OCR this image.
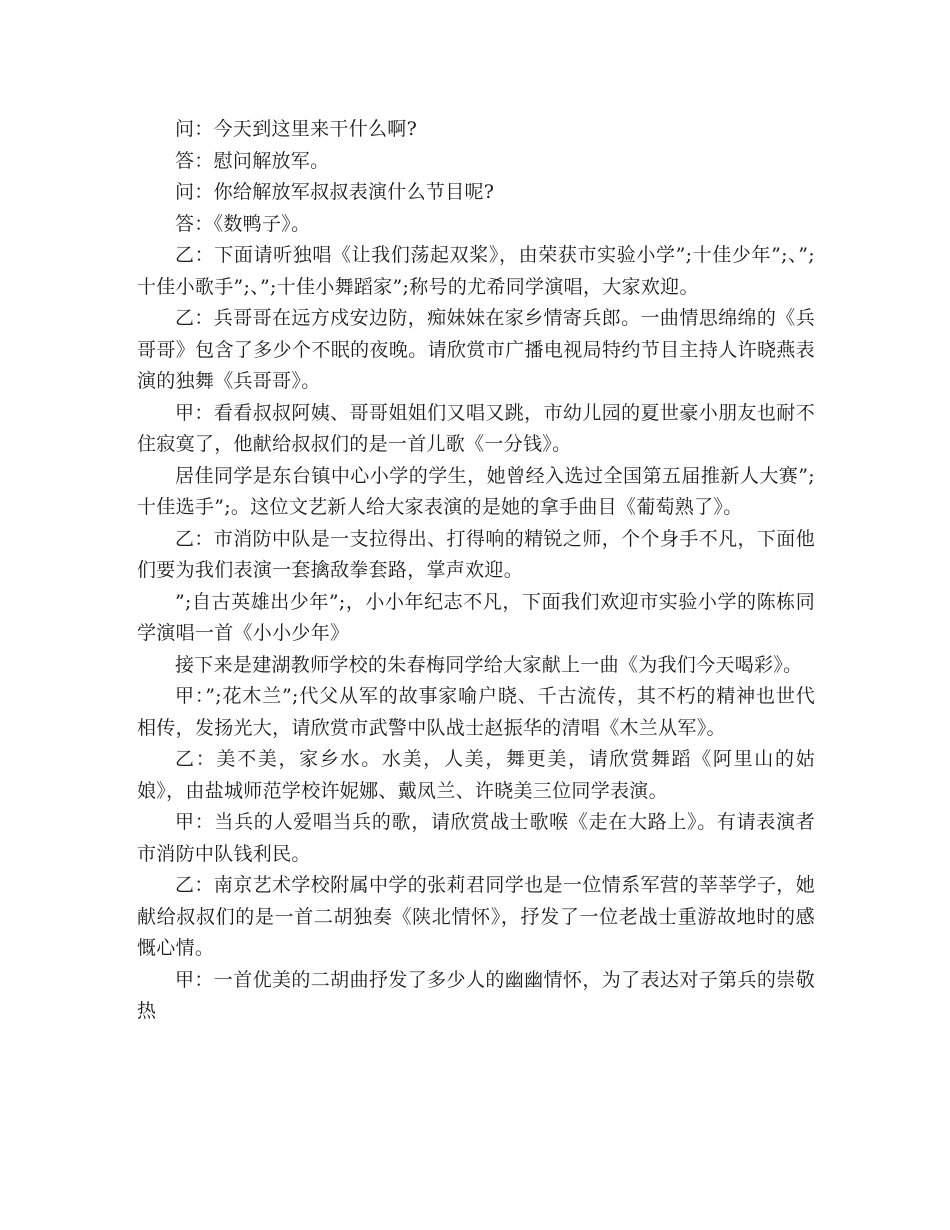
问：今天到这里来干什么啊?

答：慰问解放军。

问：你给解放军叔叔表演什么节目呢?

答：《数鸭子》。

乙：下面请听独唱《让我们荡起双桨》，由荣获市实验小学”;十佳少年”;、”;十佳小歌手”;、”;十佳小舞蹈家”;称号的尤希同学演唱，大家欢迎。

乙：兵哥哥在远方戍安边防，痴妹妹在家乡情寄兵郎。一曲情思绵绵的《兵哥哥》包含了多少个不眠的夜晚。请欣赏市广播电视局特约节目主持人许晓燕表演的独舞《兵哥哥》。

甲：看看叔叔阿姨、哥哥姐姐们又唱又跳，市幼儿园的夏世豪小朋友也耐不住寂寞了，他献给叔叔们的是一首儿歌《一分钱》。

居佳同学是东台镇中心小学的学生，她曾经入选过全国第五届推新人大赛”;十佳选手”;。这位文艺新人给大家表演的是她的拿手曲目《葡萄熟了》。

乙：市消防中队是一支拉得出、打得响的精锐之师，个个身手不凡，下面他们要为我们表演一套擒敌拳套路，掌声欢迎。

”;自古英雄出少年”;，小小年纪志不凡，下面我们欢迎市实验小学的陈栋同学演唱一首《小小少年》

接下来是建湖教师学校的朱春梅同学给大家献上一曲《为我们今天喝彩》。

甲：”;花木兰”;代父从军的故事家喻户晓、千古流传，其不朽的精神也世代相传，发扬光大，请欣赏市武警中队战士赵振华的清唱《木兰从军》。

乙：美不美，家乡水。水美，人美，舞更美，请欣赏舞蹈《阿里山的姑娘》，由盐城师范学校许妮娜、戴凤兰、许晓美三位同学表演。

甲：当兵的人爱唱当兵的歌，请欣赏战士歌喉《走在大路上》。有请表演者市消防中队钱利民。

乙：南京艺术学校附属中学的张莉君同学也是一位情系军营的莘莘学子，她献给叔叔们的是一首二胡独奏《陕北情怀》，抒发了一位老战士重游故地时的感慨心情。

甲：一首优美的二胡曲抒发了多少人的幽幽情怀，为了表达对子第兵的崇敬热
